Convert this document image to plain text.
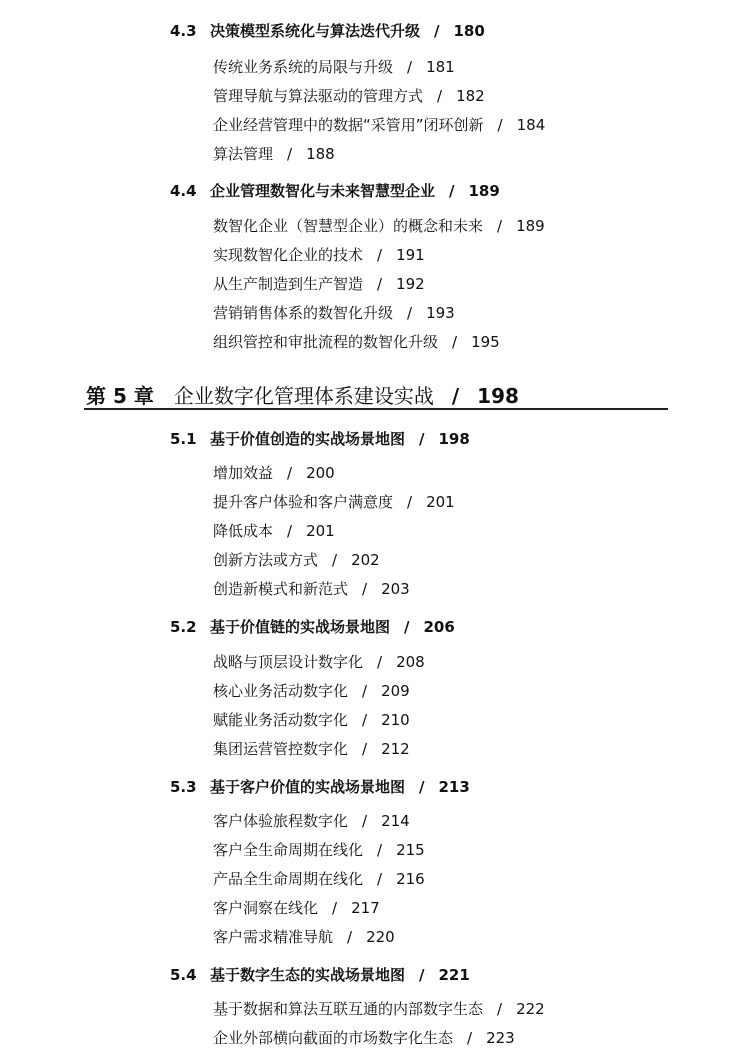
4.3 决策模型系统化与算法迭代升级 / 180
传统业务系统的局限与升级 / 181
管理导航与算法驱动的管理方式 / 182
企业经营管理中的数据“采管用”闭环创新 / 184
算法管理 / 188
4.4 企业管理数智化与未来智慧型企业 / 189
数智化企业（智慧型企业）的概念和未来 / 189
实现数智化企业的技术 / 191
从生产制造到生产智造 / 192
营销销售体系的数智化升级 / 193
组织管控和审批流程的数智化升级 / 195
第 5 章 企业数字化管理体系建设实战 / 198
5.1 基于价值创造的实战场景地图 / 198
增加效益 / 200
提升客户体验和客户满意度 / 201
降低成本 / 201
创新方法或方式 / 202
创造新模式和新范式 / 203
5.2 基于价值链的实战场景地图 / 206
战略与顶层设计数字化 / 208
核心业务活动数字化 / 209
赋能业务活动数字化 / 210
集团运营管控数字化 / 212
5.3 基于客户价值的实战场景地图 / 213
客户体验旅程数字化 / 214
客户全生命周期在线化 / 215
产品全生命周期在线化 / 216
客户洞察在线化 / 217
客户需求精准导航 / 220
5.4 基于数字生态的实战场景地图 / 221
基于数据和算法互联互通的内部数字生态 / 222
企业外部横向截面的市场数字化生态 / 223
